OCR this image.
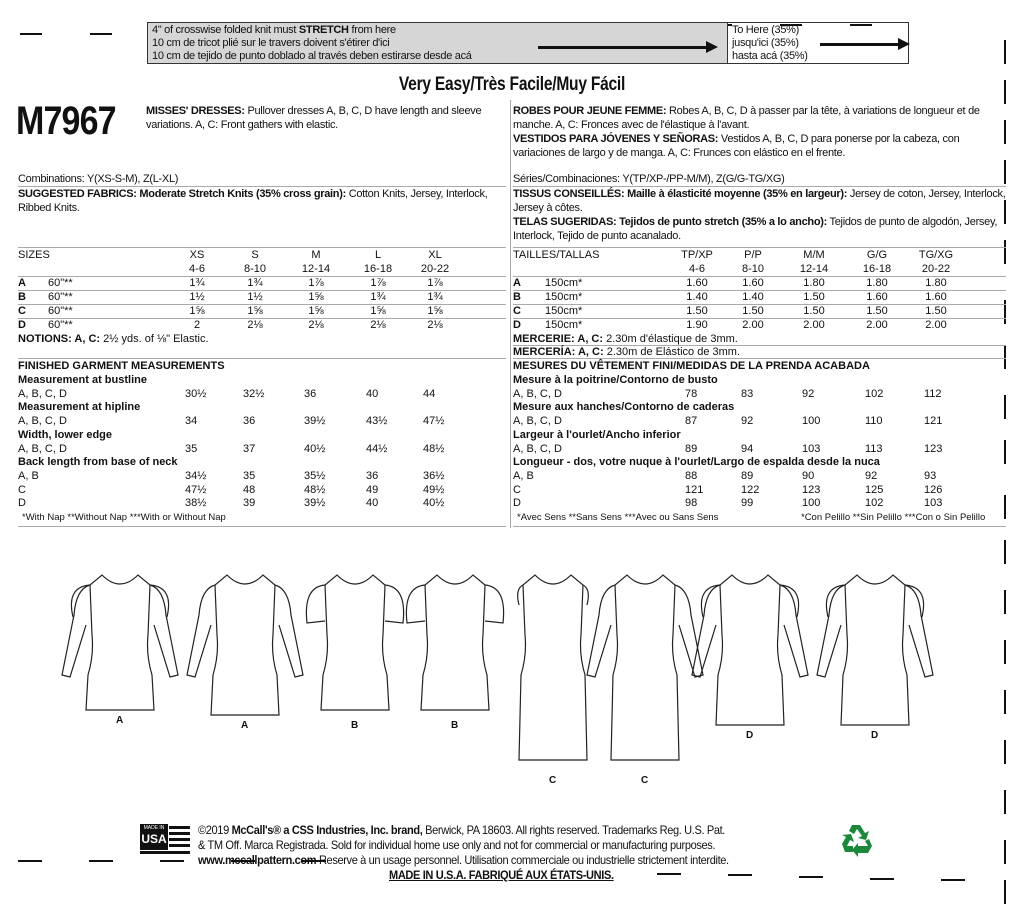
4" of crosswise folded knit must STRETCH from here
10 cm de tricot plié sur le travers doivent s'étirer d'ici
10 cm de tejido de punto doblado al través deben estirarse desde acá
To Here (35%)
jusqu'ici (35%)
hasta acá (35%)
Very Easy/Très Facile/Muy Fácil
M7967	MISSES' DRESSES: Pullover dresses A, B, C, D have length and sleeve variations. A, C: Front gathers with elastic.
ROBES POUR JEUNE FEMME: Robes A, B, C, D à passer par la tête, à variations de longueur et de manche. A, C: Fronces avec de l'élastique à l'avant.
VESTIDOS PARA JÓVENES Y SEÑORAS: Vestidos A, B, C, D para ponerse por la cabeza, con variaciones de largo y de manga. A, C: Frunces con elástico en el frente.
Combinations: Y(XS-S-M), Z(L-XL)	Séries/Combinaciones: Y(TP/XP-/PP-M/M), Z(G/G-TG/XG)
SUGGESTED FABRICS: Moderate Stretch Knits (35% cross grain): Cotton Knits, Jersey, Interlock, Ribbed Knits.
TISSUS CONSEILLÉS: Maille à élasticité moyenne (35% en largeur): Jersey de coton, Jersey, Interlock, Jersey à côtes.
TELAS SUGERIDAS: Tejidos de punto stretch (35% a lo ancho): Tejidos de punto de algodón, Jersey, Interlock, Tejido de punto acanalado.
SIZES	XS	S	M	L	XL
4-6	8-10	12-14	16-18	20-22
A 60"**	1¾	1¾	1⅞	1⅞	1⅞
B 60"**	1½	1½	1⅝	1¾	1¾
C 60"**	1⅝	1⅝	1⅝	1⅝	1⅝
D 60"**	2	2⅛	2⅛	2⅛	2⅛
NOTIONS: A, C: 2½ yds. of ⅛" Elastic.
FINISHED GARMENT MEASUREMENTS
Measurement at bustline
A, B, C, D	30½	32½	36	40	44
Measurement at hipline
A, B, C, D	34	36	39½	43½	47½
Width, lower edge
A, B, C, D	35	37	40½	44½	48½
Back length from base of neck
A, B	34½	35	35½	36	36½
C	47½	48	48½	49	49½
D	38½	39	39½	40	40½
*With Nap **Without Nap ***With or Without Nap
TAILLES/TALLAS	TP/XP	P/P	M/M	G/G	TG/XG
4-6	8-10	12-14	16-18	20-22
A 150cm*	1.60	1.60	1.80	1.80	1.80
B 150cm*	1.40	1.40	1.50	1.60	1.60
C 150cm*	1.50	1.50	1.50	1.50	1.50
D 150cm*	1.90	2.00	2.00	2.00	2.00
MERCERIE: A, C: 2.30m d'élastique de 3mm.
MERCERÍA: A, C: 2.30m de Elástico de 3mm.
MESURES DU VÊTEMENT FINI/MEDIDAS DE LA PRENDA ACABADA
Mesure à la poitrine/Contorno de busto
A, B, C, D	78	83	92	102	112
Mesure aux hanches/Contorno de caderas
A, B, C, D	87	92	100	110	121
Largeur à l'ourlet/Ancho inferior
A, B, C, D	89	94	103	113	123
Longueur - dos, votre nuque à l'ourlet/Largo de espalda desde la nuca
A, B	88	89	90	92	93
C	121	122	123	125	126
D	98	99	100	102	103
*Avec Sens **Sans Sens ***Avec ou Sans Sens	*Con Pelillo **Sin Pelillo ***Con o Sin Pelillo
MADE IN
USA
©2019 McCall's® a CSS Industries, Inc. brand, Berwick, PA 18603. All rights reserved. Trademarks Reg. U.S. Pat.
& TM Off. Marca Registrada. Sold for individual home use only and not for commercial or manufacturing purposes.
www.mccallpattern.com Reserve à un usage personnel. Utilisation commerciale ou industrielle strictement interdite.
MADE IN U.S.A. FABRIQUÉ AUX ÉTATS-UNIS.
A	A	B	B
C	C
D	D
